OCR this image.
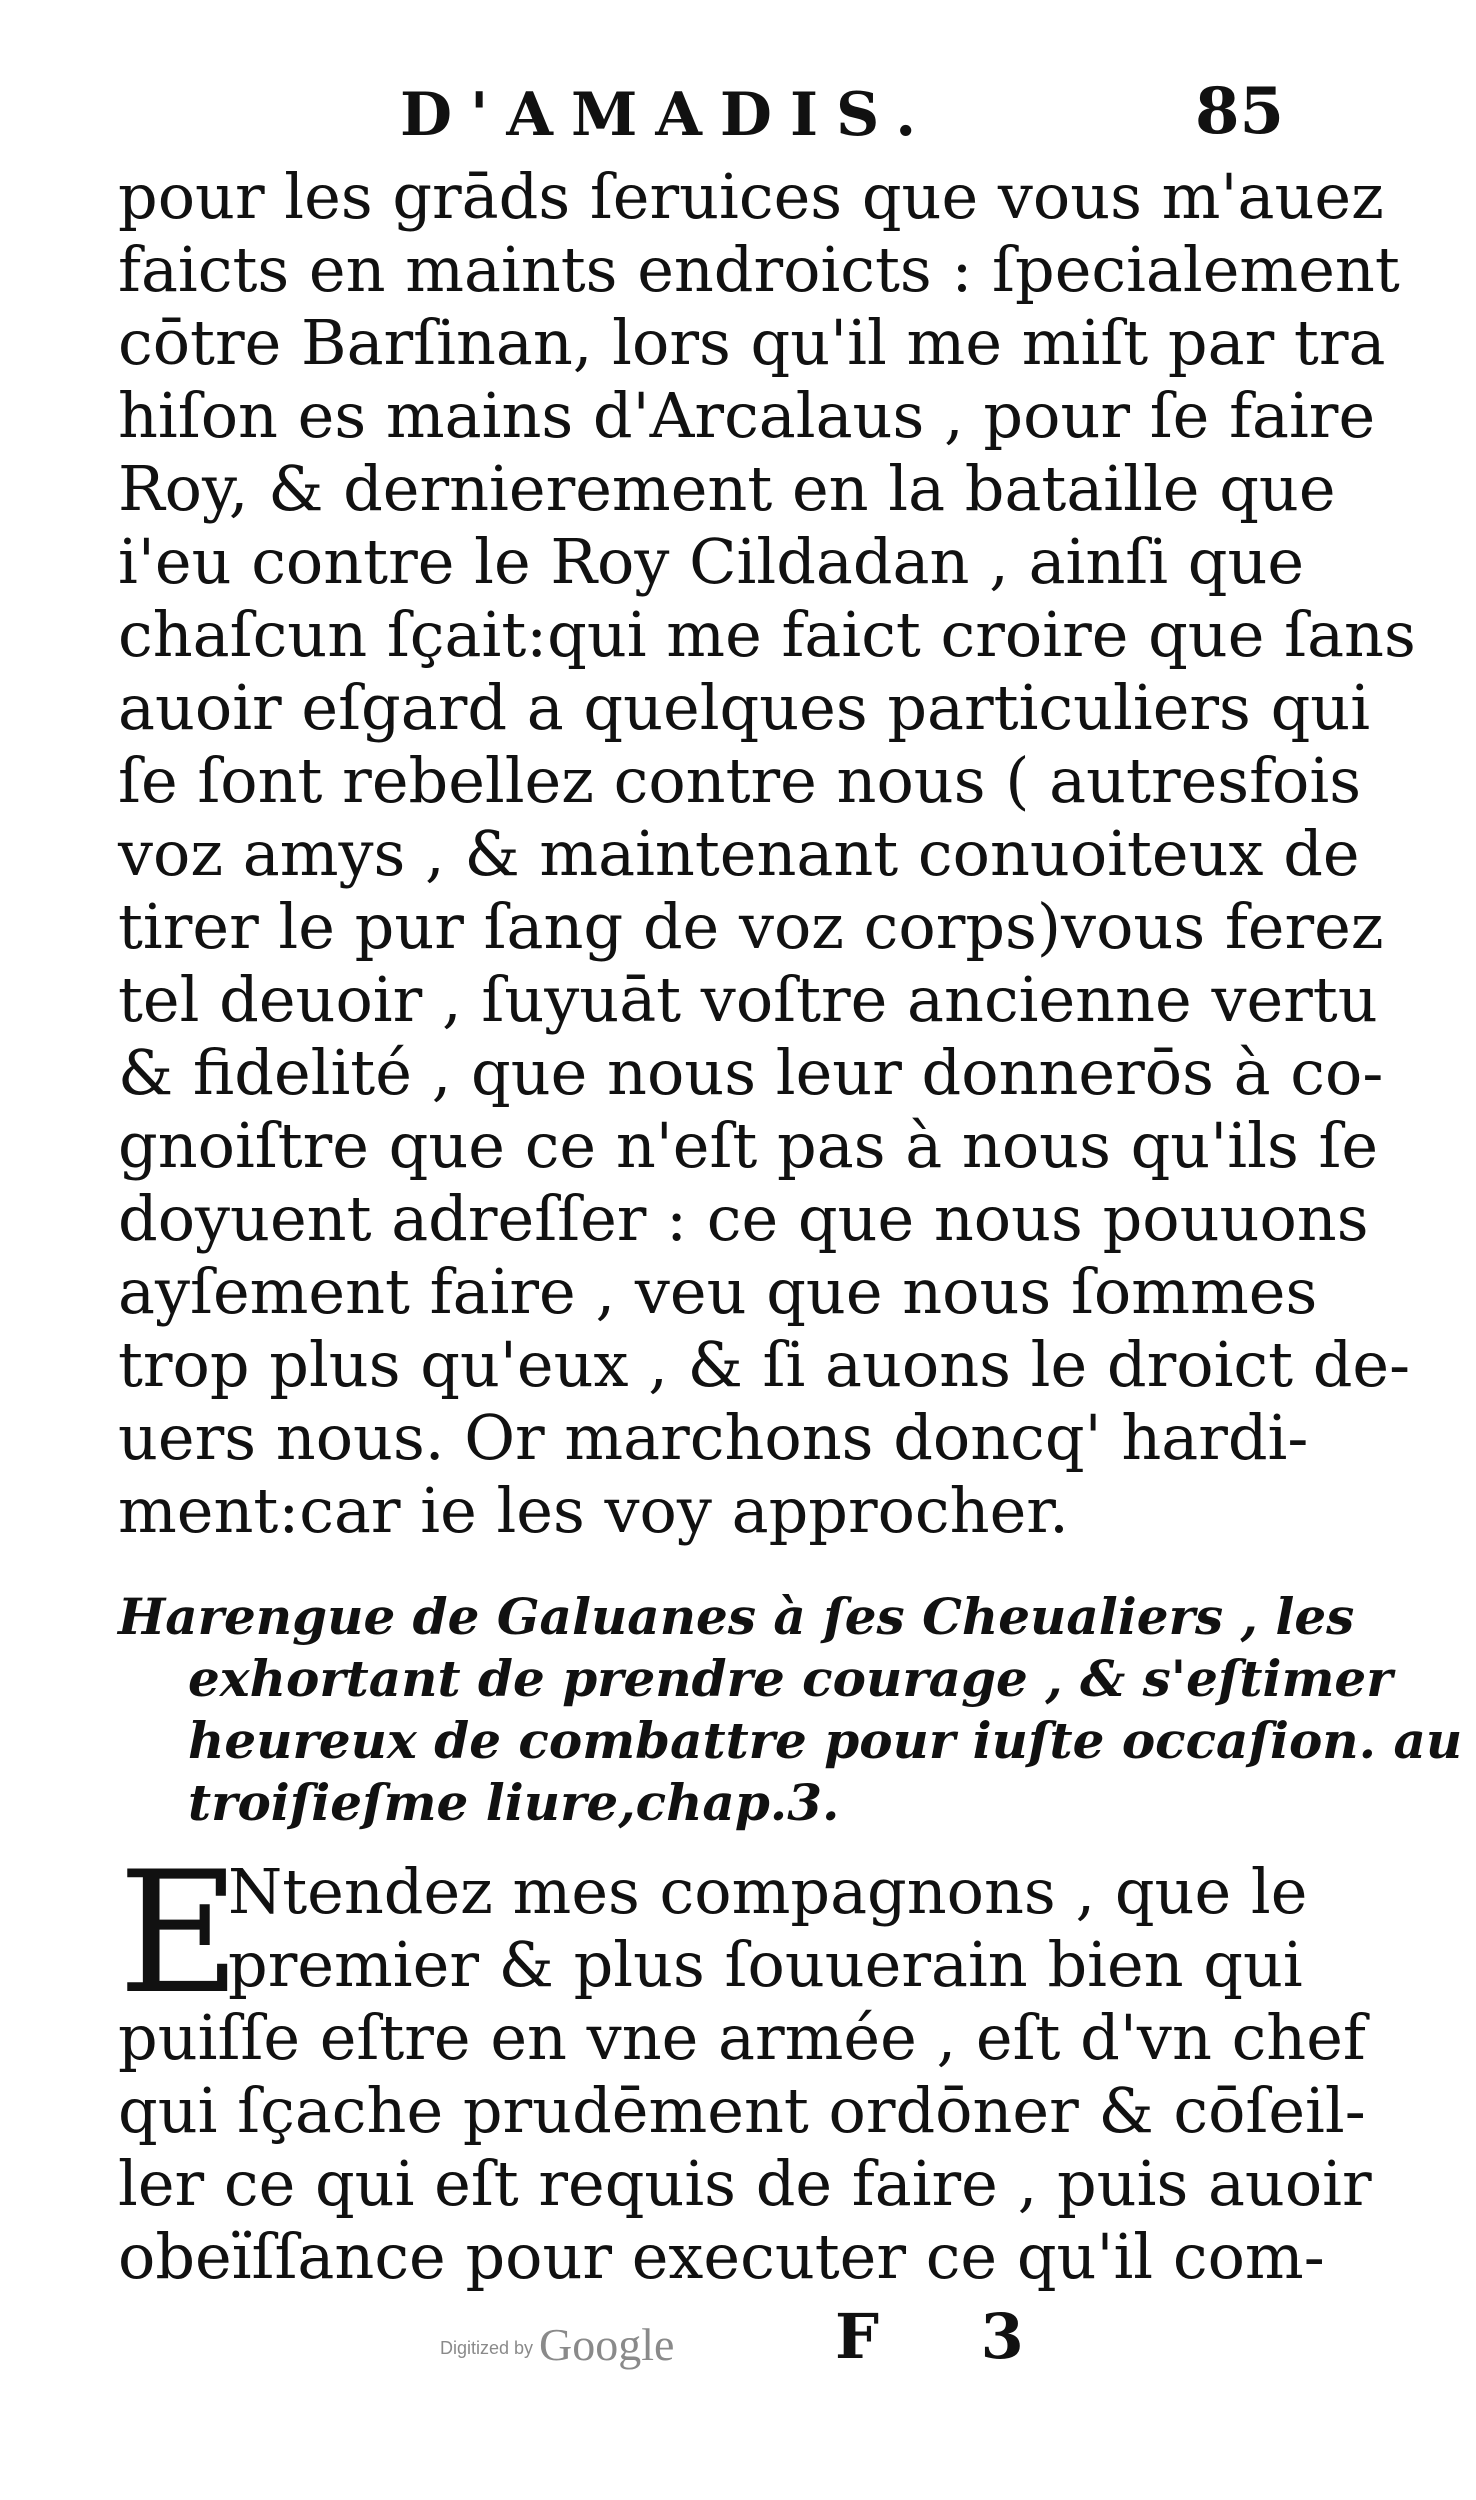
D'AMADIS.	85
pour les grāds ſeruices que vous m'auez
faicts en maints endroicts : ſpecialement
cōtre Barſinan, lors qu'il me miſt par tra
hiſon es mains d'Arcalaus , pour ſe faire
Roy, & dernierement en la bataille que
i'eu contre le Roy Cildadan , ainſi que
chaſcun ſçait:qui me faict croire que ſans
auoir eſgard a quelques particuliers qui
ſe ſont rebellez contre nous ( autresfois
voz amys , & maintenant conuoiteux de
tirer le pur ſang de voz corps)vous ferez
tel deuoir , ſuyuāt voſtre ancienne vertu
& fidelité , que nous leur donnerōs à co-
gnoiſtre que ce n'eſt pas à nous qu'ils ſe
doyuent adreſſer : ce que nous pouuons
ayſement faire , veu que nous ſommes
trop plus qu'eux , & ſi auons le droict de-
uers nous. Or marchons doncq' hardi-
ment:car ie les voy approcher.
Harengue de Galuanes à ſes Cheualiers , les
exhortant de prendre courage , & s'eſtimer
heureux de combattre pour iuſte occaſion. au
troiſieſme liure,chap.3.
E
Ntendez mes compagnons , que le
premier & plus ſouuerain bien qui
puiſſe eſtre en vne armée , eſt d'vn chef
qui ſçache prudēment ordōner & cōſeil-
ler ce qui eſt requis de faire , puis auoir
obeïſſance pour executer ce qu'il com-
Digitized by Google	F 3
